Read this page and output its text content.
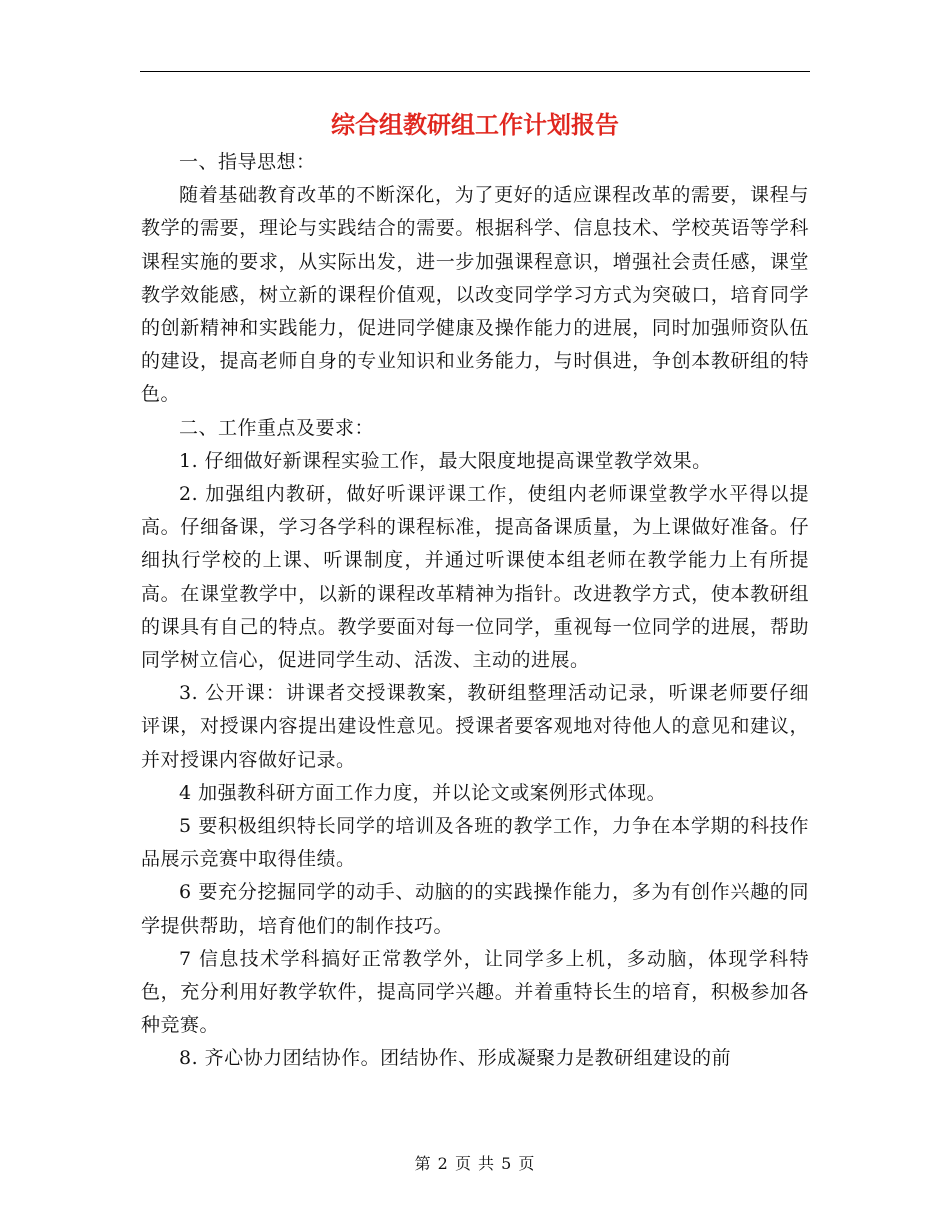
综合组教研组工作计划报告

一、指导思想：

随着基础教育改革的不断深化，为了更好的适应课程改革的需要，课程与教学的需要，理论与实践结合的需要。根据科学、信息技术、学校英语等学科课程实施的要求，从实际出发，进一步加强课程意识，增强社会责任感，课堂教学效能感，树立新的课程价值观，以改变同学学习方式为突破口，培育同学的创新精神和实践能力，促进同学健康及操作能力的进展，同时加强师资队伍的建设，提高老师自身的专业知识和业务能力，与时俱进，争创本教研组的特色。

二、工作重点及要求：

1. 仔细做好新课程实验工作，最大限度地提高课堂教学效果。

2. 加强组内教研，做好听课评课工作，使组内老师课堂教学水平得以提高。仔细备课，学习各学科的课程标准，提高备课质量，为上课做好准备。仔细执行学校的上课、听课制度，并通过听课使本组老师在教学能力上有所提高。在课堂教学中，以新的课程改革精神为指针。改进教学方式，使本教研组的课具有自己的特点。教学要面对每一位同学，重视每一位同学的进展，帮助同学树立信心，促进同学生动、活泼、主动的进展。

3. 公开课：讲课者交授课教案，教研组整理活动记录，听课老师要仔细评课，对授课内容提出建设性意见。授课者要客观地对待他人的意见和建议，并对授课内容做好记录。

4 加强教科研方面工作力度，并以论文或案例形式体现。

5 要积极组织特长同学的培训及各班的教学工作，力争在本学期的科技作品展示竞赛中取得佳绩。

6 要充分挖掘同学的动手、动脑的的实践操作能力，多为有创作兴趣的同学提供帮助，培育他们的制作技巧。

7 信息技术学科搞好正常教学外，让同学多上机，多动脑，体现学科特色，充分利用好教学软件，提高同学兴趣。并着重特长生的培育，积极参加各种竞赛。

8. 齐心协力团结协作。团结协作、形成凝聚力是教研组建设的前

第 2 页 共 5 页
